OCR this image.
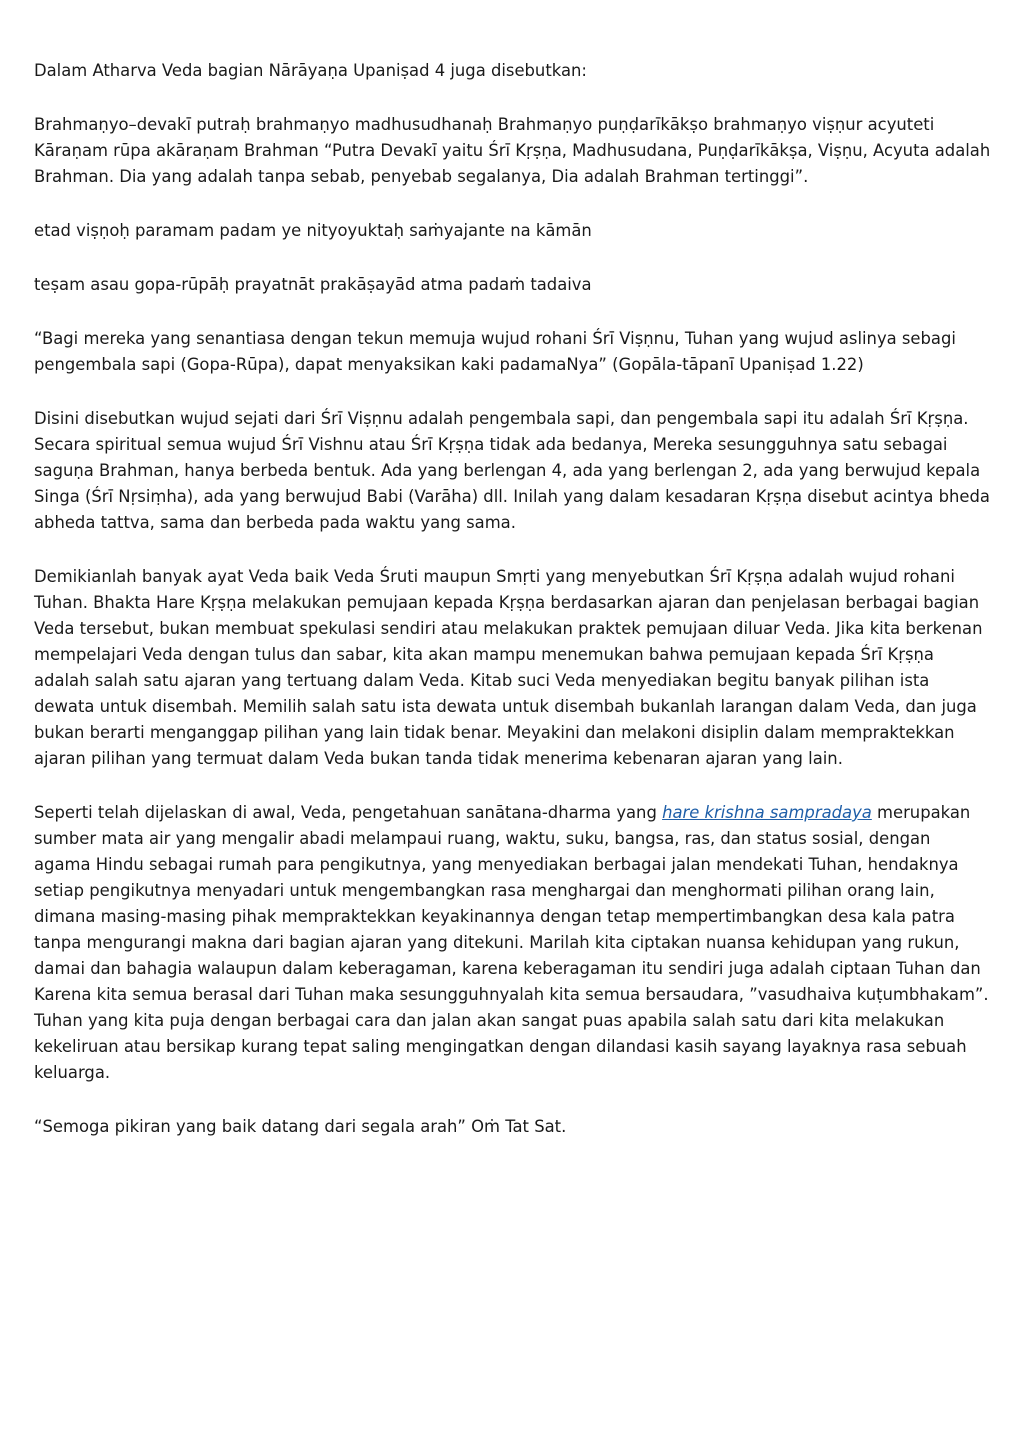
Dalam Atharva Veda bagian Nārāyaṇa Upaniṣad 4 juga disebutkan:

Brahmaṇyo–devakī putraḥ brahmaṇyo madhusudhanaḥ Brahmaṇyo puṇḍarīkākṣo brahmaṇyo viṣṇur acyuteti Kāraṇam rūpa akāraṇam Brahman “Putra Devakī yaitu Śrī Kṛṣṇa, Madhusudana, Puṇḍarīkākṣa, Viṣṇu, Acyuta adalah Brahman. Dia yang adalah tanpa sebab, penyebab segalanya, Dia adalah Brahman tertinggi”.

etad viṣṇoḥ paramam padam ye nityoyuktaḥ saṁyajante na kāmān

teṣam asau gopa-rūpāḥ prayatnāt prakāṣayād atma padaṁ tadaiva

“Bagi mereka yang senantiasa dengan tekun memuja wujud rohani Śrī Viṣṇnu, Tuhan yang wujud aslinya sebagi pengembala sapi (Gopa-Rūpa), dapat menyaksikan kaki padamaNya” (Gopāla-tāpanī Upaniṣad 1.22)

Disini disebutkan wujud sejati dari Śrī Viṣṇnu adalah pengembala sapi, dan pengembala sapi itu adalah Śrī Kṛṣṇa. Secara spiritual semua wujud Śrī Vishnu atau Śrī Kṛṣṇa tidak ada bedanya, Mereka sesungguhnya satu sebagai saguṇa Brahman, hanya berbeda bentuk. Ada yang berlengan 4, ada yang berlengan 2, ada yang berwujud kepala Singa (Śrī Nṛsiṃha), ada yang berwujud Babi (Varāha) dll. Inilah yang dalam kesadaran Kṛṣṇa disebut acintya bheda abheda tattva, sama dan berbeda pada waktu yang sama.

Demikianlah banyak ayat Veda baik Veda Śruti maupun Smṛti yang menyebutkan Śrī Kṛṣṇa adalah wujud rohani Tuhan. Bhakta Hare Kṛṣṇa melakukan pemujaan kepada Kṛṣṇa berdasarkan ajaran dan penjelasan berbagai bagian Veda tersebut, bukan membuat spekulasi sendiri atau melakukan praktek pemujaan diluar Veda. Jika kita berkenan mempelajari Veda dengan tulus dan sabar, kita akan mampu menemukan bahwa pemujaan kepada Śrī Kṛṣṇa adalah salah satu ajaran yang tertuang dalam Veda. Kitab suci Veda menyediakan begitu banyak pilihan ista dewata untuk disembah. Memilih salah satu ista dewata untuk disembah bukanlah larangan dalam Veda, dan juga bukan berarti menganggap pilihan yang lain tidak benar. Meyakini dan melakoni disiplin dalam mempraktekkan ajaran pilihan yang termuat dalam Veda bukan tanda tidak menerima kebenaran ajaran yang lain.

Seperti telah dijelaskan di awal, Veda, pengetahuan sanātana-dharma yang hare krishna sampradaya merupakan sumber mata air yang mengalir abadi melampaui ruang, waktu, suku, bangsa, ras, dan status sosial, dengan agama Hindu sebagai rumah para pengikutnya, yang menyediakan berbagai jalan mendekati Tuhan, hendaknya setiap pengikutnya menyadari untuk mengembangkan rasa menghargai dan menghormati pilihan orang lain, dimana masing-masing pihak mempraktekkan keyakinannya dengan tetap mempertimbangkan desa kala patra tanpa mengurangi makna dari bagian ajaran yang ditekuni. Marilah kita ciptakan nuansa kehidupan yang rukun, damai dan bahagia walaupun dalam keberagaman, karena keberagaman itu sendiri juga adalah ciptaan Tuhan dan Karena kita semua berasal dari Tuhan maka sesungguhnyalah kita semua bersaudara, ”vasudhaiva kuṭumbhakam”. Tuhan yang kita puja dengan berbagai cara dan jalan akan sangat puas apabila salah satu dari kita melakukan kekeliruan atau bersikap kurang tepat saling mengingatkan dengan dilandasi kasih sayang layaknya rasa sebuah keluarga.

“Semoga pikiran yang baik datang dari segala arah” Oṁ Tat Sat.
